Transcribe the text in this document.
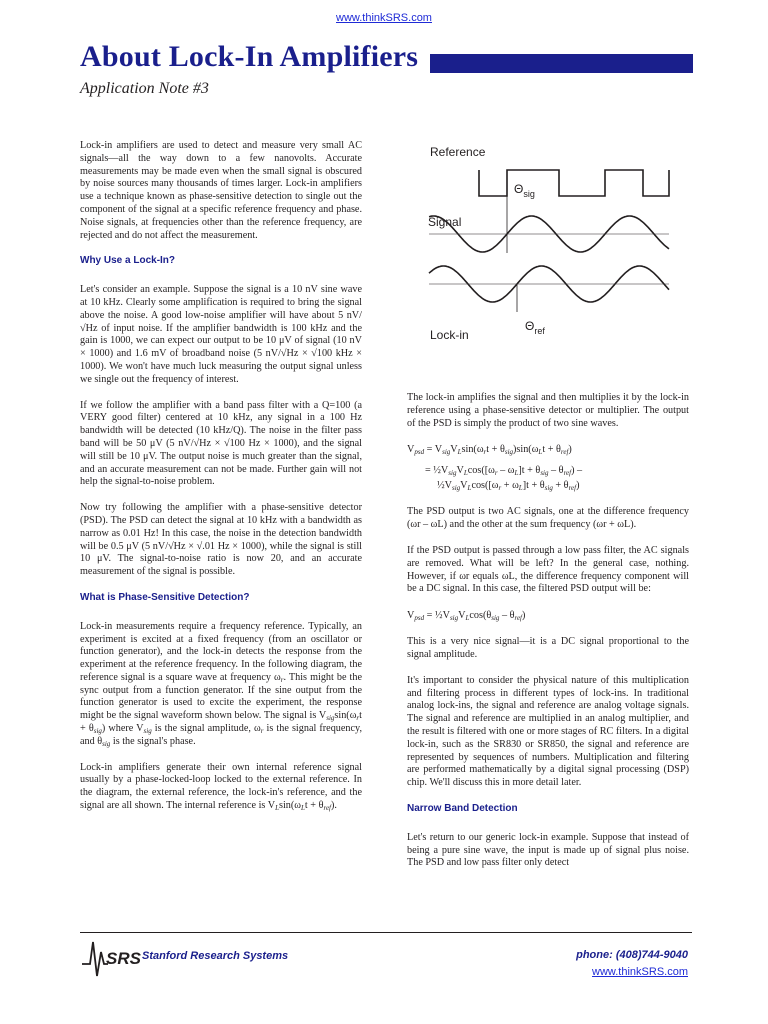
www.thinkSRS.com
About Lock-In Amplifiers
Application Note #3

Lock-in amplifiers are used to detect and measure very small AC signals—all the way down to a few nanovolts. Accurate measurements may be made even when the small signal is obscured by noise sources many thousands of times larger. Lock-in amplifiers use a technique known as phase-sensitive detection to single out the component of the signal at a specific reference frequency and phase. Noise signals, at frequencies other than the reference frequency, are rejected and do not affect the measurement.

Why Use a Lock-In?

Let's consider an example. Suppose the signal is a 10 nV sine wave at 10 kHz. Clearly some amplification is required to bring the signal above the noise. A good low-noise amplifier will have about 5 nV/√Hz of input noise. If the amplifier bandwidth is 100 kHz and the gain is 1000, we can expect our output to be 10 μV of signal (10 nV × 1000) and 1.6 mV of broadband noise (5 nV/√Hz × √100 kHz × 1000). We won't have much luck measuring the output signal unless we single out the frequency of interest.

If we follow the amplifier with a band pass filter with a Q=100 (a VERY good filter) centered at 10 kHz, any signal in a 100 Hz bandwidth will be detected (10 kHz/Q). The noise in the filter pass band will be 50 μV (5 nV/√Hz × √100 Hz × 1000), and the signal will still be 10 μV. The output noise is much greater than the signal, and an accurate measurement can not be made. Further gain will not help the signal-to-noise problem.

Now try following the amplifier with a phase-sensitive detector (PSD). The PSD can detect the signal at 10 kHz with a bandwidth as narrow as 0.01 Hz! In this case, the noise in the detection bandwidth will be 0.5 μV (5 nV/√Hz × √.01 Hz × 1000), while the signal is still 10 μV. The signal-to-noise ratio is now 20, and an accurate measurement of the signal is possible.

What is Phase-Sensitive Detection?

Lock-in measurements require a frequency reference. Typically, an experiment is excited at a fixed frequency (from an oscillator or function generator), and the lock-in detects the response from the experiment at the reference frequency. In the following diagram, the reference signal is a square wave at frequency $\omega_r$. This might be the sync output from a function generator. If the sine output from the function generator is used to excite the experiment, the response might be the signal waveform shown below. The signal is $V_{sig}\sin(\omega_rt + \theta_{sig})$ where $V_{sig}$ is the signal amplitude, $\omega_r$ is the signal frequency, and $\theta_{sig}$ is the signal's phase.

Lock-in amplifiers generate their own internal reference signal usually by a phase-locked-loop locked to the external reference. In the diagram, the external reference, the lock-in's reference, and the signal are all shown. The internal reference is $V_L\sin(\omega_Lt + \theta_{ref})$.

Reference
Signal
Lock-in
$\Theta_{sig}$
$\Theta_{ref}$

The lock-in amplifies the signal and then multiplies it by the lock-in reference using a phase-sensitive detector or multiplier. The output of the PSD is simply the product of two sine waves.

$V_{psd} = V_{sig}V_L\sin(\omega_rt + \theta_{sig})\sin(\omega_Lt + \theta_{ref})$
= $\frac{1}{2}V_{sig}V_L\cos([\omega_r - \omega_L]t + \theta_{sig} - \theta_{ref})$ –
$\frac{1}{2}V_{sig}V_L\cos([\omega_r + \omega_L]t + \theta_{sig} + \theta_{ref})$

The PSD output is two AC signals, one at the difference frequency (ωr – ωL) and the other at the sum frequency (ωr + ωL).

If the PSD output is passed through a low pass filter, the AC signals are removed. What will be left? In the general case, nothing. However, if ωr equals ωL, the difference frequency component will be a DC signal. In this case, the filtered PSD output will be:

$V_{psd}$ = $\frac{1}{2}V_{sig}V_L\cos(\theta_{sig} - \theta_{ref})$

This is a very nice signal—it is a DC signal proportional to the signal amplitude.

It's important to consider the physical nature of this multiplication and filtering process in different types of lock-ins. In traditional analog lock-ins, the signal and reference are analog voltage signals. The signal and reference are multiplied in an analog multiplier, and the result is filtered with one or more stages of RC filters. In a digital lock-in, such as the SR830 or SR850, the signal and reference are represented by sequences of numbers. Multiplication and filtering are performed mathematically by a digital signal processing (DSP) chip. We'll discuss this in more detail later.

Narrow Band Detection

Let's return to our generic lock-in example. Suppose that instead of being a pure sine wave, the input is made up of signal plus noise. The PSD and low pass filter only detect

SRS Stanford Research Systems	phone: (408)744-9040
www.thinkSRS.com
